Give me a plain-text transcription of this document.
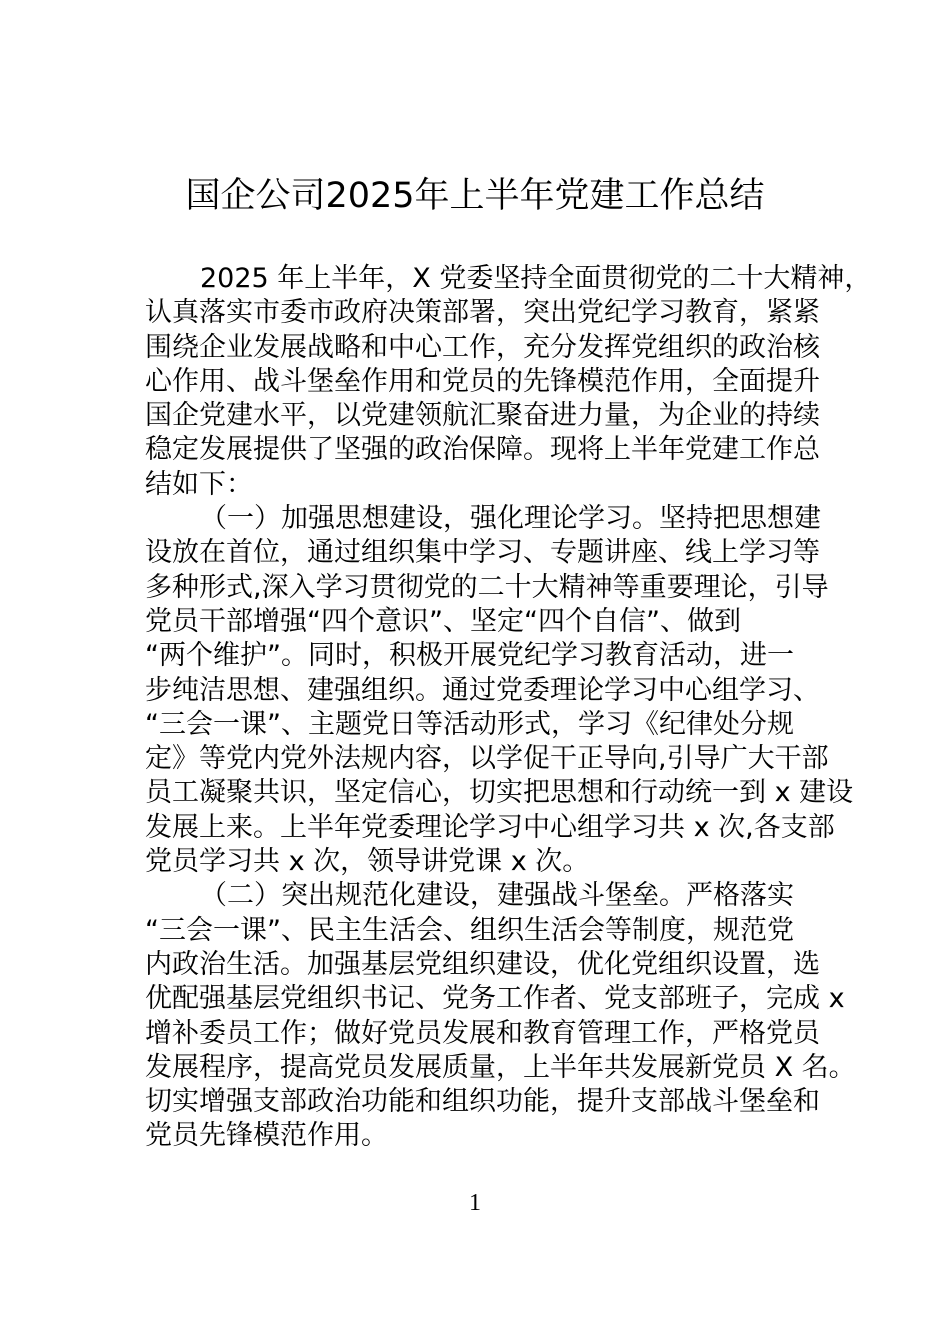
国企公司2025年上半年党建工作总结
2025 年上半年，X 党委坚持全面贯彻党的二十大精神，
认真落实市委市政府决策部署，突出党纪学习教育，紧紧
围绕企业发展战略和中心工作，充分发挥党组织的政治核
心作用、战斗堡垒作用和党员的先锋模范作用，全面提升
国企党建水平，以党建领航汇聚奋进力量，为企业的持续
稳定发展提供了坚强的政治保障。现将上半年党建工作总
结如下：
（一）加强思想建设，强化理论学习。坚持把思想建
设放在首位，通过组织集中学习、专题讲座、线上学习等
多种形式,深入学习贯彻党的二十大精神等重要理论，引导
党员干部增强“四个意识”、坚定“四个自信”、做到
“两个维护”。同时，积极开展党纪学习教育活动，进一
步纯洁思想、建强组织。通过党委理论学习中心组学习、
“三会一课”、主题党日等活动形式，学习《纪律处分规
定》等党内党外法规内容，以学促干正导向,引导广大干部
员工凝聚共识，坚定信心，切实把思想和行动统一到 x 建设
发展上来。上半年党委理论学习中心组学习共 x 次,各支部
党员学习共 x 次，领导讲党课 x 次。
（二）突出规范化建设，建强战斗堡垒。严格落实
“三会一课”、民主生活会、组织生活会等制度，规范党
内政治生活。加强基层党组织建设，优化党组织设置，选
优配强基层党组织书记、党务工作者、党支部班子，完成 x
增补委员工作；做好党员发展和教育管理工作，严格党员
发展程序，提高党员发展质量，上半年共发展新党员 X 名。
切实增强支部政治功能和组织功能，提升支部战斗堡垒和
党员先锋模范作用。
1
